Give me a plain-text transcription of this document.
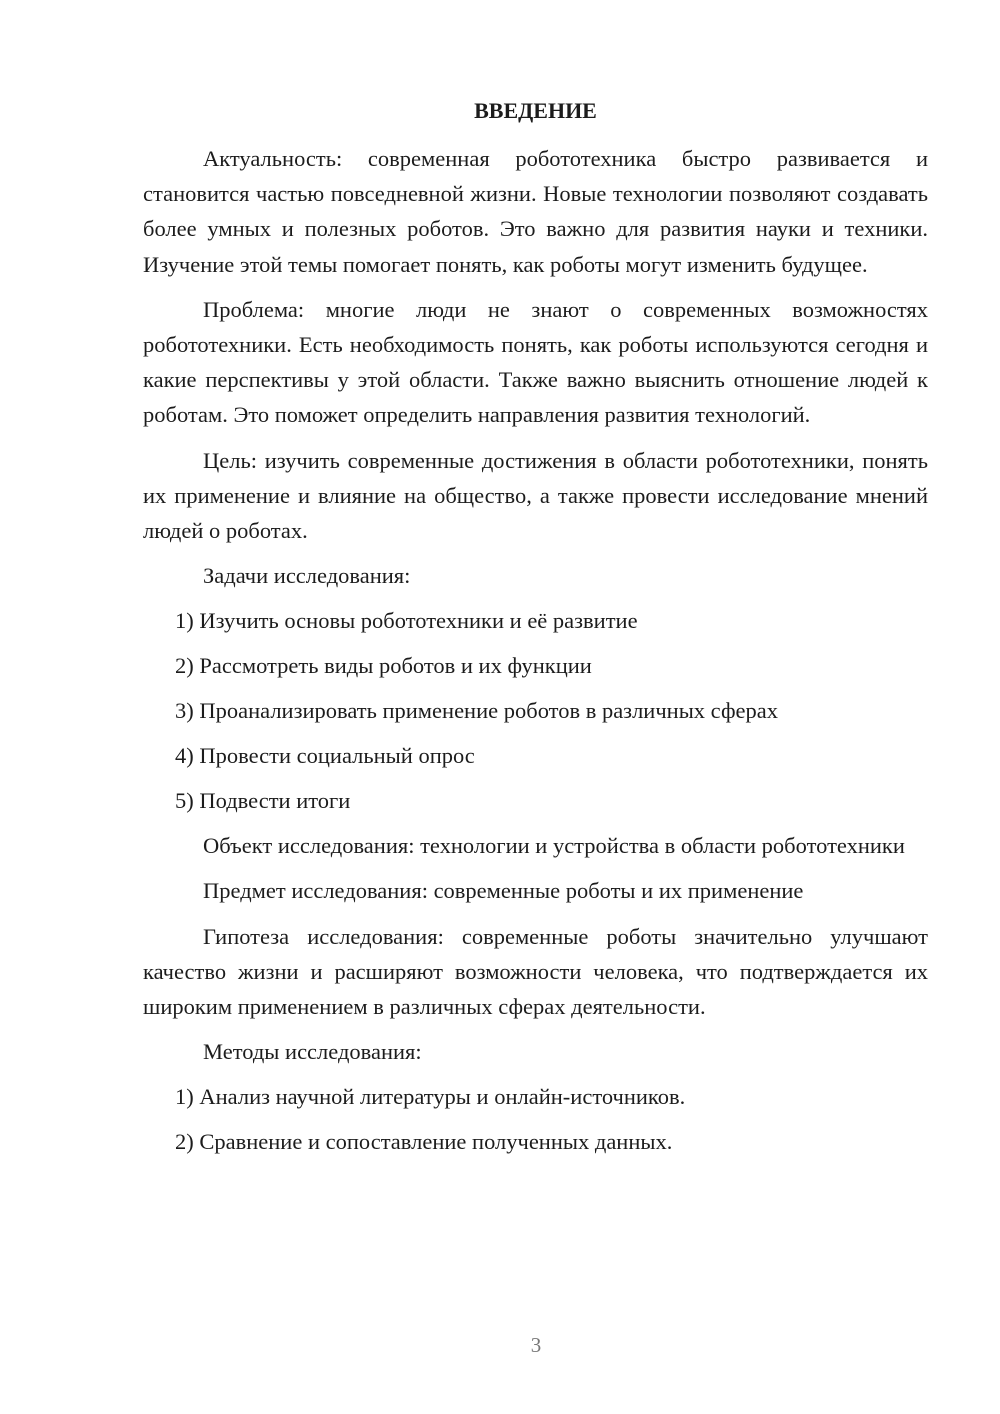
ВВЕДЕНИЕ

Актуальность: современная робототехника быстро развивается и становится частью повседневной жизни. Новые технологии позволяют создавать более умных и полезных роботов. Это важно для развития науки и техники. Изучение этой темы помогает понять, как роботы могут изменить будущее.

Проблема: многие люди не знают о современных возможностях робототехники. Есть необходимость понять, как роботы используются сегодня и какие перспективы у этой области. Также важно выяснить отношение людей к роботам. Это поможет определить направления развития технологий.

Цель: изучить современные достижения в области робототехники, понять их применение и влияние на общество, а также провести исследование мнений людей о роботах.

Задачи исследования:
1) Изучить основы робототехники и её развитие
2) Рассмотреть виды роботов и их функции
3) Проанализировать применение роботов в различных сферах
4) Провести социальный опрос
5) Подвести итоги

Объект исследования: технологии и устройства в области робототехники

Предмет исследования: современные роботы и их применение

Гипотеза исследования: современные роботы значительно улучшают качество жизни и расширяют возможности человека, что подтверждается их широким применением в различных сферах деятельности.

Методы исследования:
1) Анализ научной литературы и онлайн-источников.
2) Сравнение и сопоставление полученных данных.
3
